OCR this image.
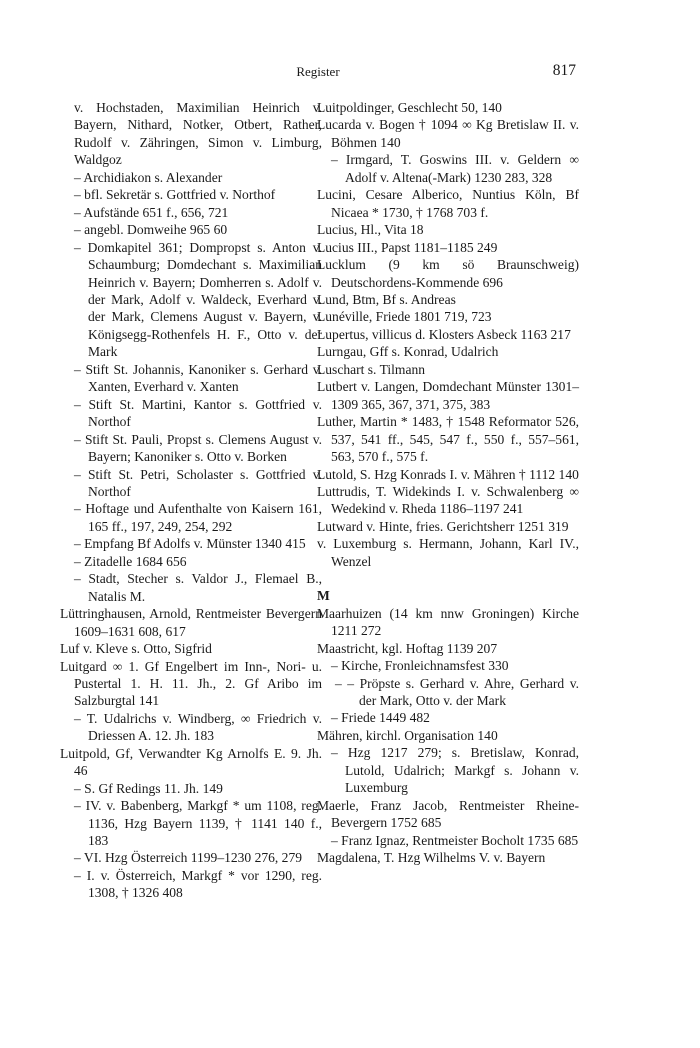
Register	817

v. Hochstaden, Maximilian Heinrich v. Bayern, Nithard, Notker, Otbert, Rather, Rudolf v. Zähringen, Simon v. Limburg, Waldgoz

– Archidiakon s. Alexander

– bfl. Sekretär s. Gottfried v. Northof

– Aufstände 651 f., 656, 721

– angebl. Domweihe 965 60

– Domkapitel 361; Dompropst s. Anton v. Schaumburg; Domdechant s. Maximilian Heinrich v. Bayern; Domherren s. Adolf v. der Mark, Adolf v. Waldeck, Everhard v. der Mark, Clemens August v. Bayern, v. Königsegg-Rothenfels H. F., Otto v. der Mark

– Stift St. Johannis, Kanoniker s. Gerhard v. Xanten, Everhard v. Xanten

– Stift St. Martini, Kantor s. Gottfried v. Northof

– Stift St. Pauli, Propst s. Clemens August v. Bayern; Kanoniker s. Otto v. Borken

– Stift St. Petri, Scholaster s. Gottfried v. Northof

– Hoftage und Aufenthalte von Kaisern 161, 165 ff., 197, 249, 254, 292

– Empfang Bf Adolfs v. Münster 1340 415

– Zitadelle 1684 656

– Stadt, Stecher s. Valdor J., Flemael B., Natalis M.

Lüttringhausen, Arnold, Rentmeister Bevergern 1609–1631 608, 617

Luf v. Kleve s. Otto, Sigfrid

Luitgard ∞ 1. Gf Engelbert im Inn-, Nori- u. Pustertal 1. H. 11. Jh., 2. Gf Aribo im Salzburgtal 141

– T. Udalrichs v. Windberg, ∞ Friedrich v. Driessen A. 12. Jh. 183

Luitpold, Gf, Verwandter Kg Arnolfs E. 9. Jh. 46

– S. Gf Redings 11. Jh. 149

– IV. v. Babenberg, Markgf * um 1108, reg. 1136, Hzg Bayern 1139, † 1141 140 f., 183

– VI. Hzg Österreich 1199–1230 276, 279

– I. v. Österreich, Markgf * vor 1290, reg. 1308, † 1326 408

Luitpoldinger, Geschlecht 50, 140

Lucarda v. Bogen † 1094 ∞ Kg Bretislaw II. v. Böhmen 140

– Irmgard, T. Goswins III. v. Geldern ∞ Adolf v. Altena(-Mark) 1230 283, 328

Lucini, Cesare Alberico, Nuntius Köln, Bf Nicaea * 1730, † 1768 703 f.

Lucius, Hl., Vita 18

Lucius III., Papst 1181–1185 249

Lucklum (9 km sö Braunschweig) Deutschordens-Kommende 696

Lund, Btm, Bf s. Andreas

Lunéville, Friede 1801 719, 723

Lupertus, villicus d. Klosters Asbeck 1163 217

Lurngau, Gff s. Konrad, Udalrich

Luschart s. Tilmann

Lutbert v. Langen, Domdechant Münster 1301–1309 365, 367, 371, 375, 383

Luther, Martin * 1483, † 1548 Reformator 526, 537, 541 ff., 545, 547 f., 550 f., 557–561, 563, 570 f., 575 f.

Lutold, S. Hzg Konrads I. v. Mähren † 1112 140

Luttrudis, T. Widekinds I. v. Schwalenberg ∞ Wedekind v. Rheda 1186–1197 241

Lutward v. Hinte, fries. Gerichtsherr 1251 319

v. Luxemburg s. Hermann, Johann, Karl IV., Wenzel

M

Maarhuizen (14 km nnw Groningen) Kirche 1211 272

Maastricht, kgl. Hoftag 1139 207

– Kirche, Fronleichnamsfest 330

– – Pröpste s. Gerhard v. Ahre, Gerhard v. der Mark, Otto v. der Mark

– Friede 1449 482

Mähren, kirchl. Organisation 140

– Hzg 1217 279; s. Bretislaw, Konrad, Lutold, Udalrich; Markgf s. Johann v. Luxemburg

Maerle, Franz Jacob, Rentmeister Rheine-Bevergern 1752 685

– Franz Ignaz, Rentmeister Bocholt 1735 685

Magdalena, T. Hzg Wilhelms V. v. Bayern
